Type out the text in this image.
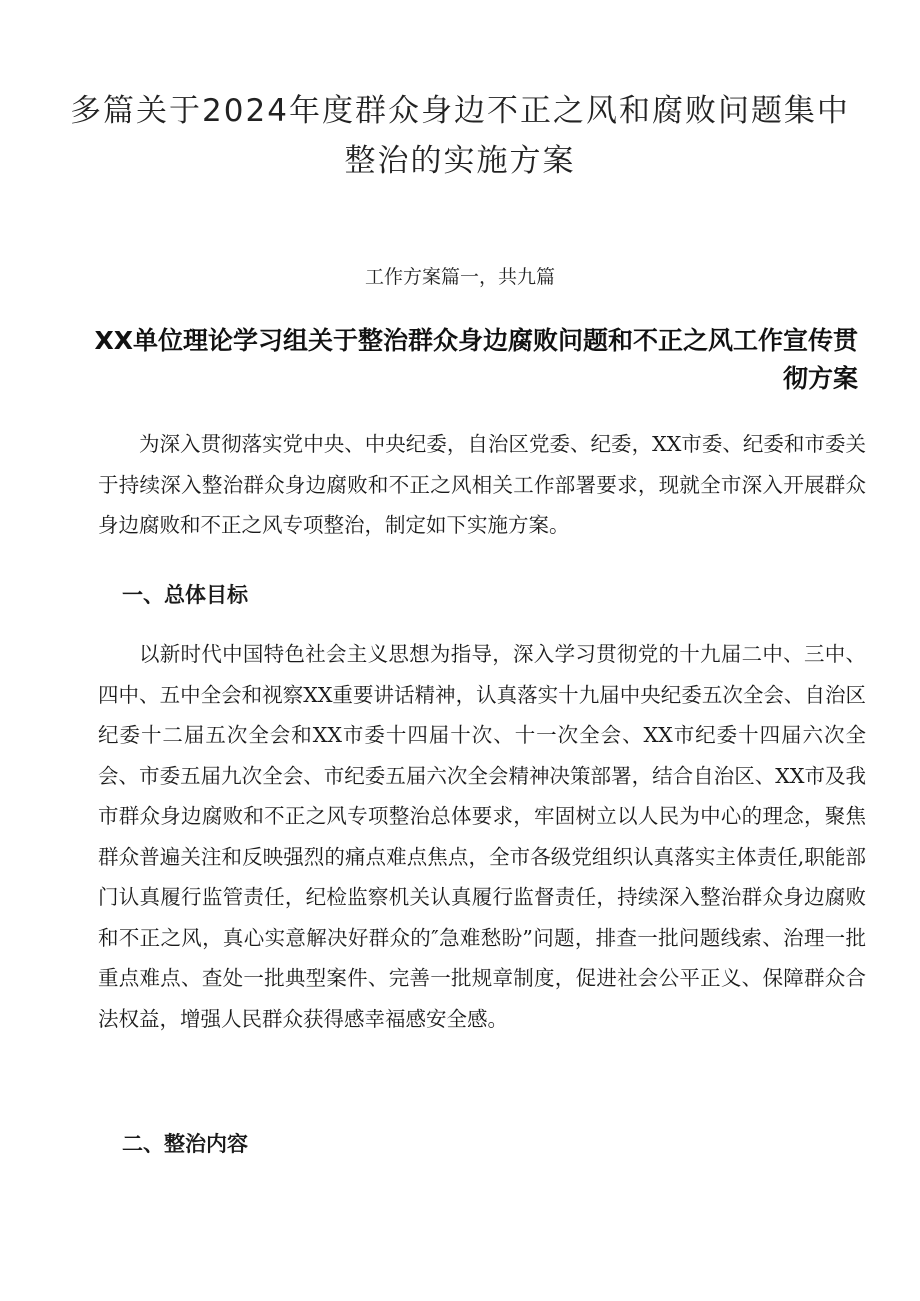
多篇关于2024年度群众身边不正之风和腐败问题集中整治的实施方案

工作方案篇一，共九篇

XX单位理论学习组关于整治群众身边腐败问题和不正之风工作宣传贯彻方案

为深入贯彻落实党中央、中央纪委，自治区党委、纪委，XX市委、纪委和市委关于持续深入整治群众身边腐败和不正之风相关工作部署要求，现就全市深入开展群众身边腐败和不正之风专项整治，制定如下实施方案。

一、总体目标

以新时代中国特色社会主义思想为指导，深入学习贯彻党的十九届二中、三中、四中、五中全会和视察XX重要讲话精神，认真落实十九届中央纪委五次全会、自治区纪委十二届五次全会和XX市委十四届十次、十一次全会、XX市纪委十四届六次全会、市委五届九次全会、市纪委五届六次全会精神决策部署，结合自治区、XX市及我市群众身边腐败和不正之风专项整治总体要求，牢固树立以人民为中心的理念，聚焦群众普遍关注和反映强烈的痛点难点焦点，全市各级党组织认真落实主体责任,职能部门认真履行监管责任，纪检监察机关认真履行监督责任，持续深入整治群众身边腐败和不正之风，真心实意解决好群众的″急难愁盼”问题，排查一批问题线索、治理一批重点难点、查处一批典型案件、完善一批规章制度，促进社会公平正义、保障群众合法权益，增强人民群众获得感幸福感安全感。

二、整治内容
